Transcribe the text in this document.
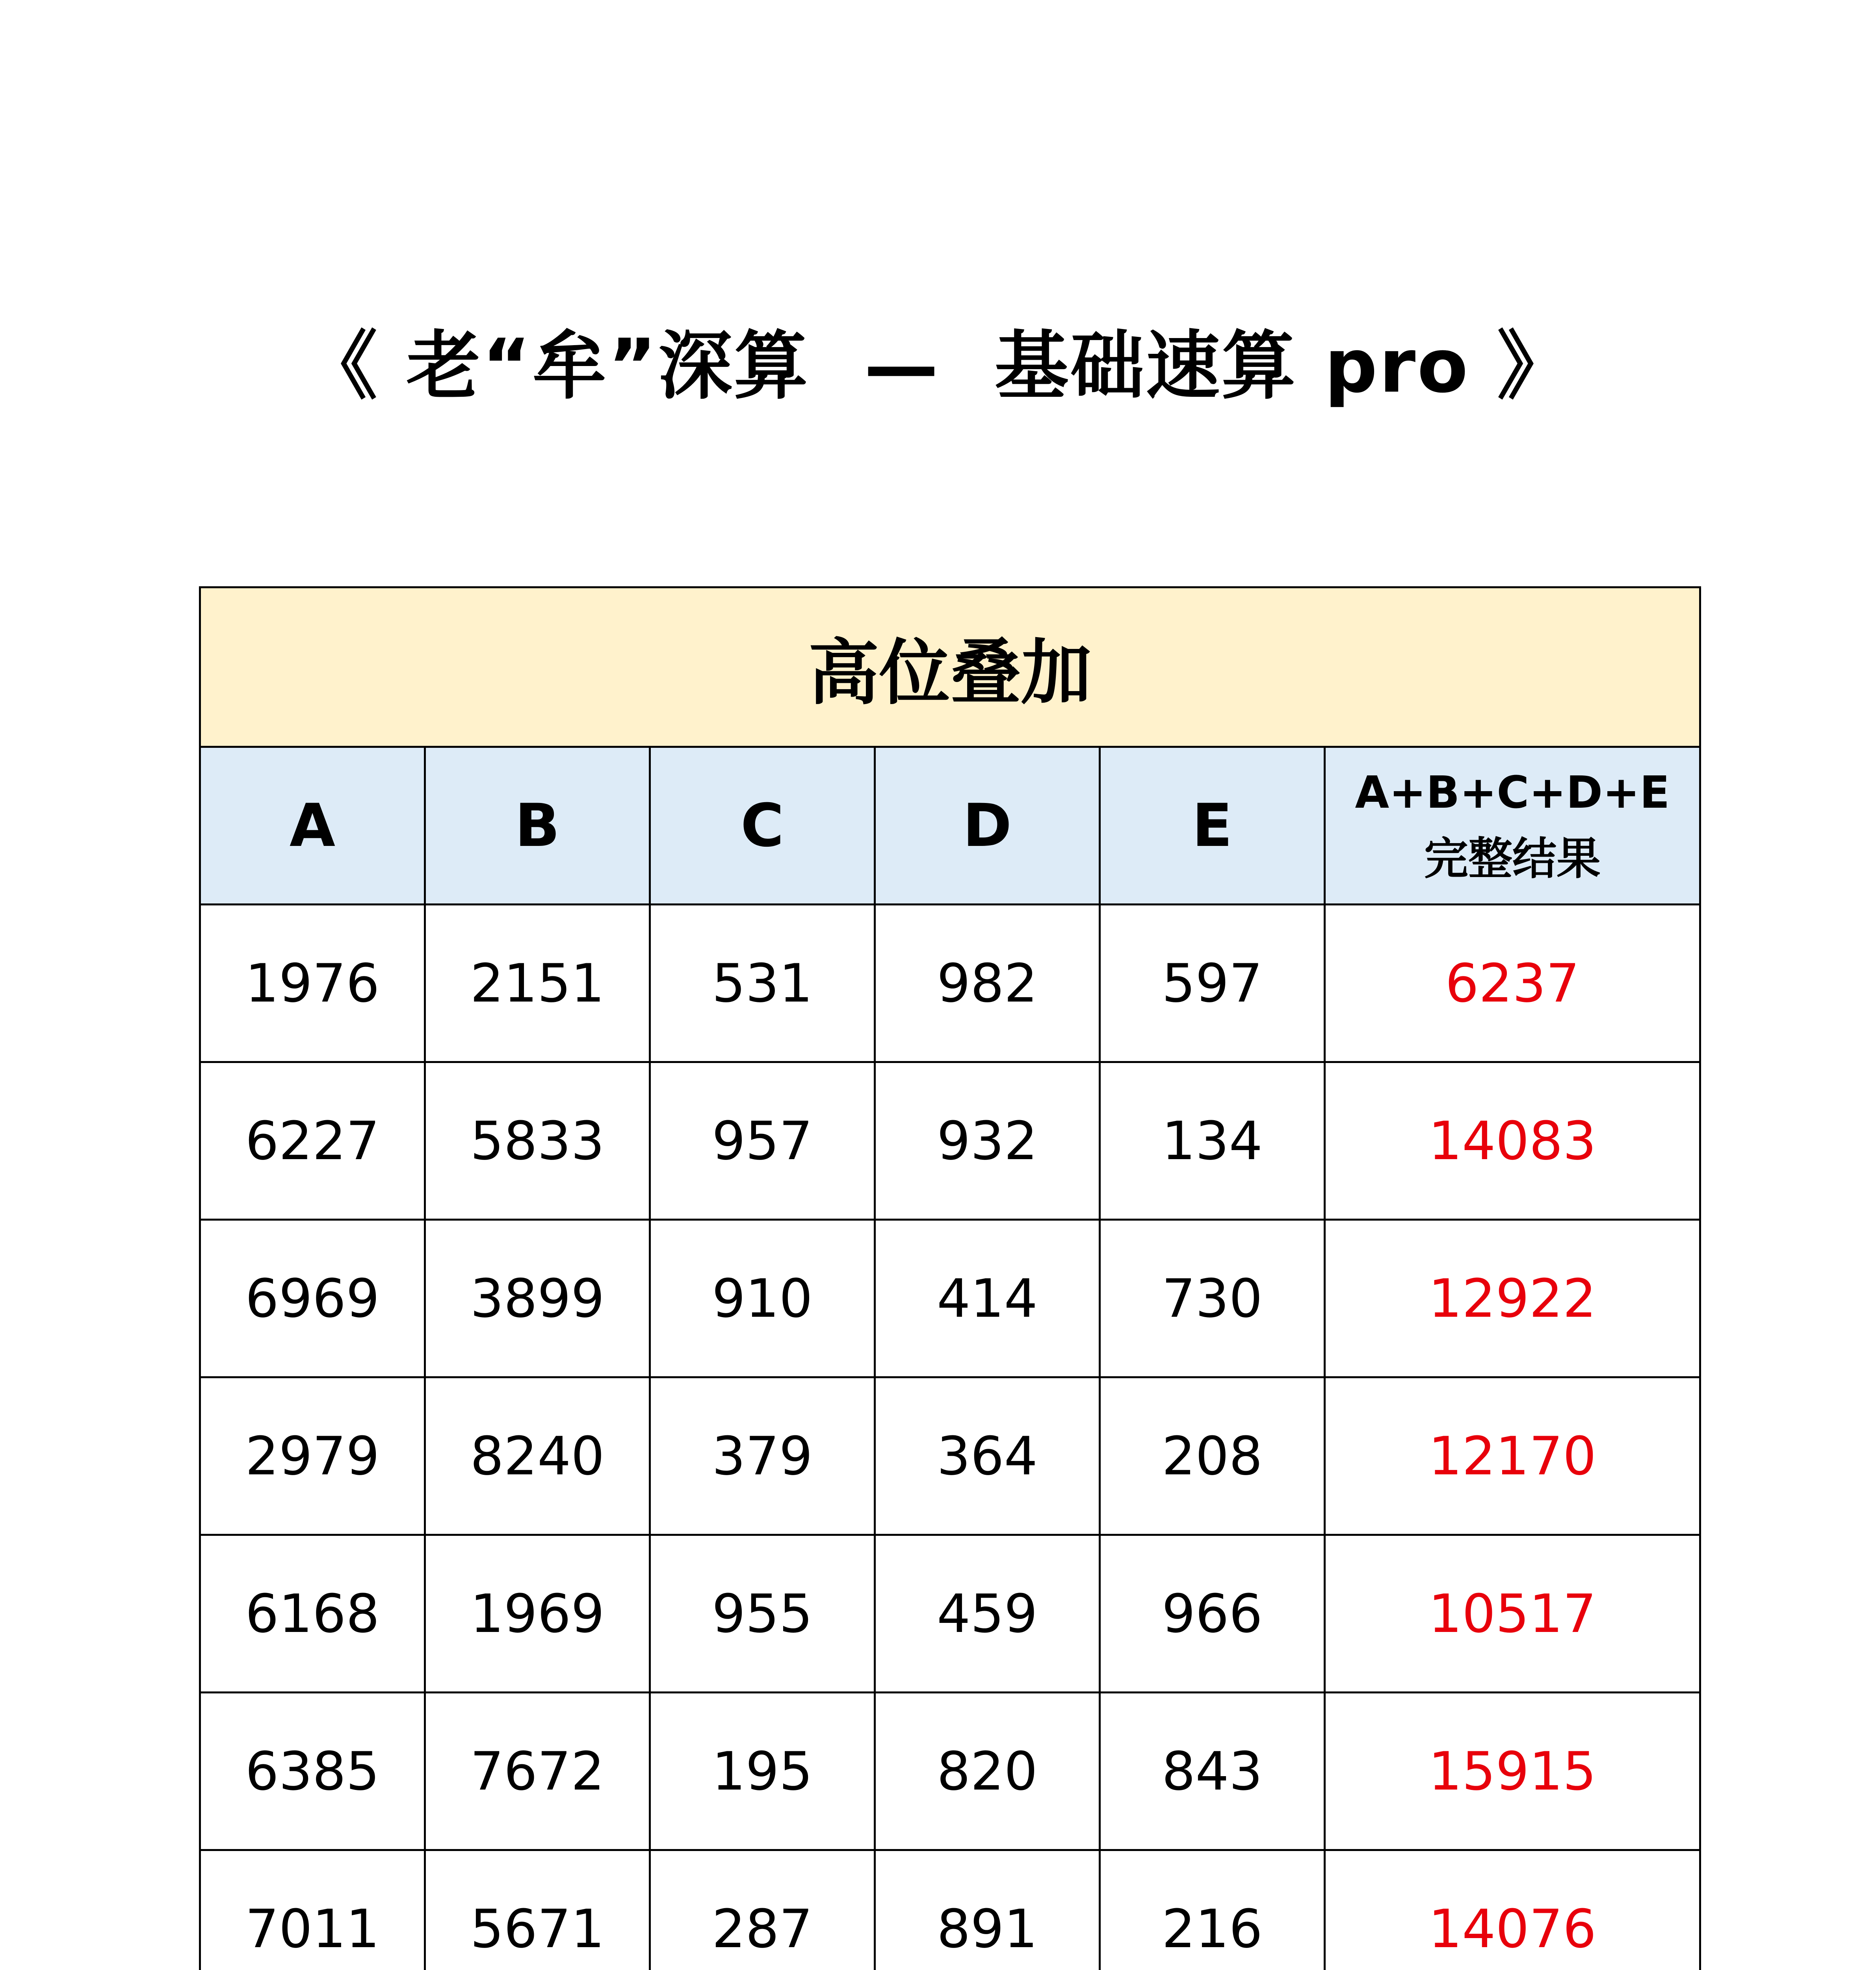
《 老“牟”深算  —  基础速算 pro 》
高位叠加					
A	B	C	D	E	A+B+C+D+E
完整结果

1976	2151	531	982	597	6237
6227	5833	957	932	134	14083
6969	3899	910	414	730	12922
2979	8240	379	364	208	12170
6168	1969	955	459	966	10517
6385	7672	195	820	843	15915
7011	5671	287	891	216	14076
